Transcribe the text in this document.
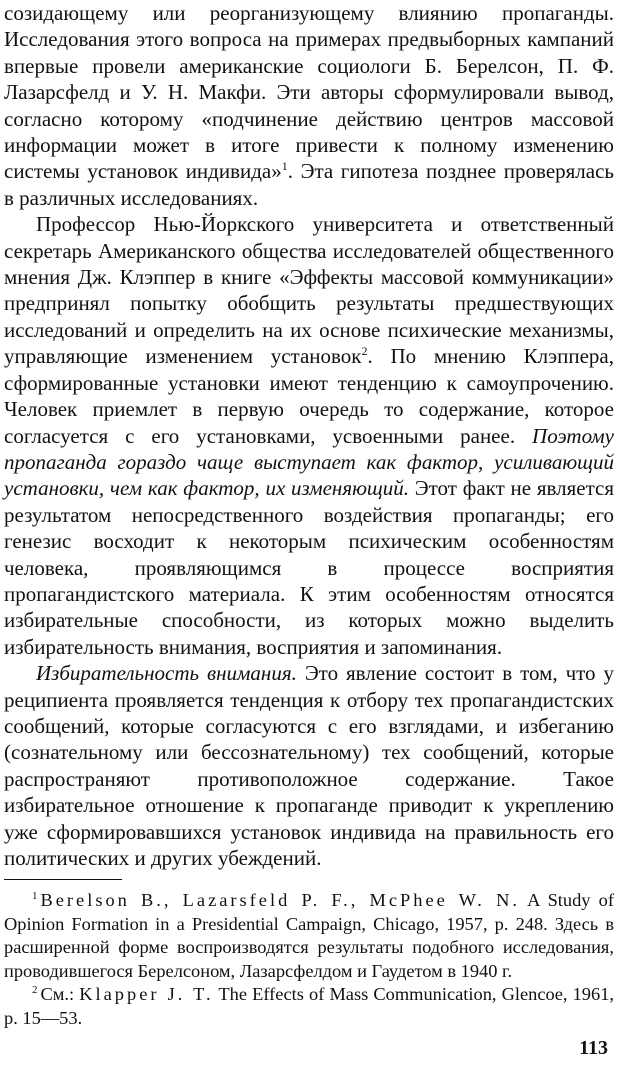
созидающему или реорганизующему влиянию пропаганды. Исследования этого вопроса на примерах предвыборных кампаний впервые провели американские социологи Б. Берелсон, П. Ф. Лазарсфелд и У. Н. Макфи. Эти авторы сформулировали вывод, согласно которому «подчинение действию центров массовой информации может в итоге привести к полному изменению системы установок индивида»$^1$. Эта гипотеза позднее проверялась в различных исследованиях.
Профессор Нью-Йоркского университета и ответственный секретарь Американского общества исследователей общественного мнения Дж. Клэппер в книге «Эффекты массовой коммуникации» предпринял попытку обобщить результаты предшествующих исследований и определить на их основе психические механизмы, управляющие изменением установок$^2$. По мнению Клэппера, сформированные установки имеют тенденцию к самоупрочению. Человек приемлет в первую очередь то содержание, которое согласуется с его установками, усвоенными ранее. Поэтому пропаганда гораздо чаще выступает как фактор, усиливающий установки, чем как фактор, их изменяющий. Этот факт не является результатом непосредственного воздействия пропаганды; его генезис восходит к некоторым психическим особенностям человека, проявляющимся в процессе восприятия пропагандистского материала. К этим особенностям относятся избирательные способности, из которых можно выделить избирательность внимания, восприятия и запоминания.
Избирательность внимания. Это явление состоит в том, что у реципиента проявляется тенденция к отбору тех пропагандистских сообщений, которые согласуются с его взглядами, и избеганию (сознательному или бессознательному) тех сообщений, которые распространяют противоположное содержание. Такое избирательное отношение к пропаганде приводит к укреплению уже сформировавшихся установок индивида на правильность его политических и других убеждений.
$^1$ Berelson B., Lazarsfeld P. F., McPhee W. N. A Study of Opinion Formation in a Presidential Campaign, Chicago, 1957, p. 248. Здесь в расширенной форме воспроизводятся результаты подобного исследования, проводившегося Берелсоном, Лазарсфелдом и Гаудетом в 1940 г.
$^2$ См.: Klapper J. T. The Effects of Mass Communication, Glencoe, 1961, p. 15—53.
113
